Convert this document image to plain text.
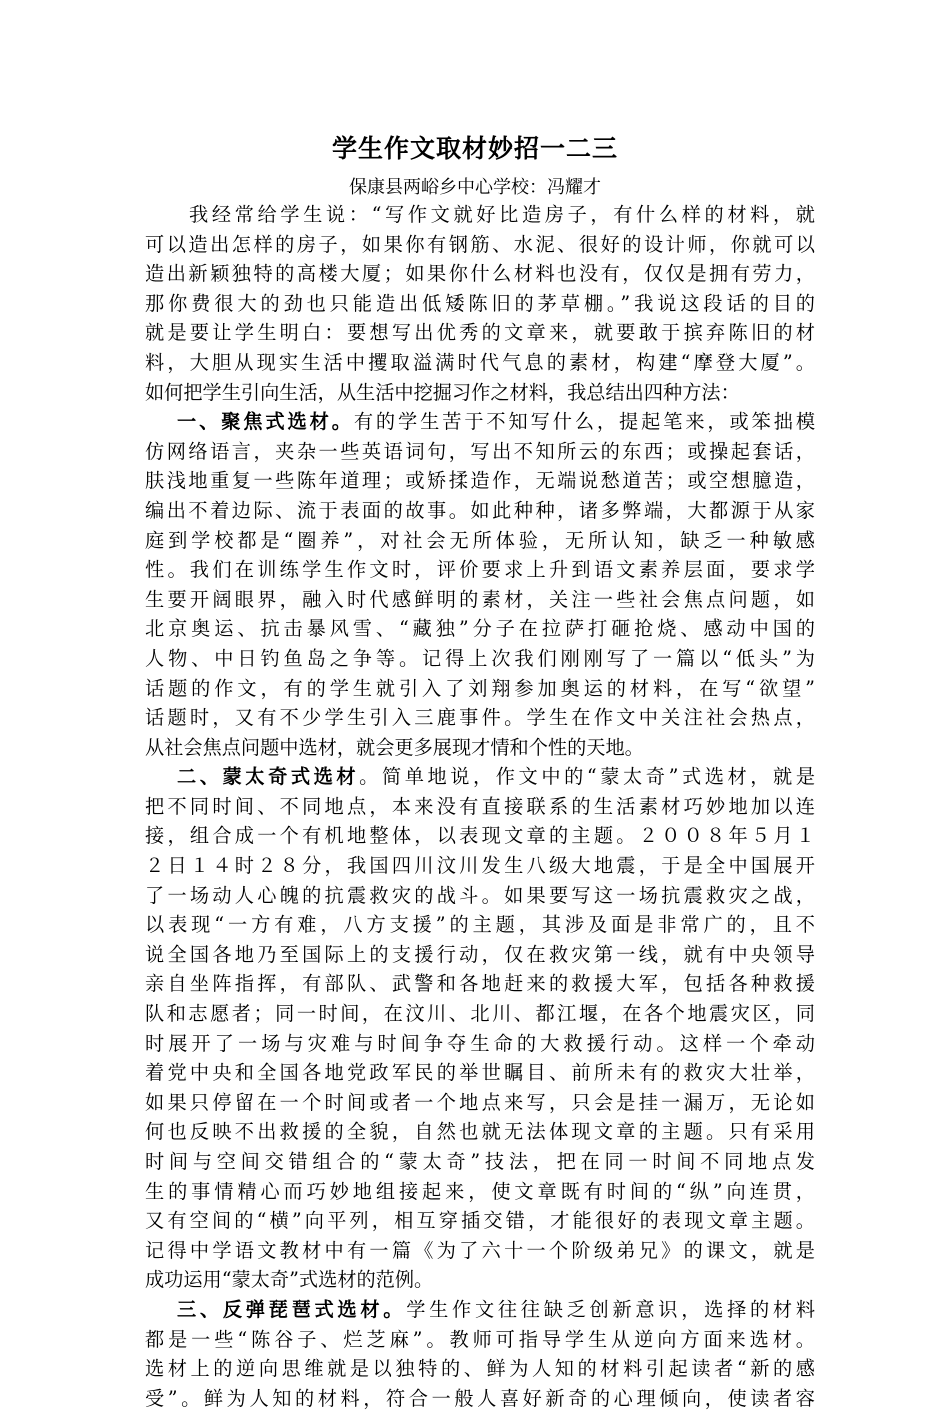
学生作文取材妙招一二三
保康县两峪乡中心学校：冯耀才
我经常给学生说：“写作文就好比造房子，有什么样的材料，就
可以造出怎样的房子，如果你有钢筋、水泥、很好的设计师，你就可以
造出新颖独特的高楼大厦；如果你什么材料也没有，仅仅是拥有劳力，
那你费很大的劲也只能造出低矮陈旧的茅草棚。”我说这段话的目的
就是要让学生明白：要想写出优秀的文章来，就要敢于摈弃陈旧的材
料，大胆从现实生活中攫取溢满时代气息的素材，构建“摩登大厦”。
如何把学生引向生活，从生活中挖掘习作之材料，我总结出四种方法：
一、聚焦式选材。有的学生苦于不知写什么，提起笔来，或笨拙模
仿网络语言，夹杂一些英语词句，写出不知所云的东西；或操起套话，
肤浅地重复一些陈年道理；或矫揉造作，无端说愁道苦；或空想臆造，
编出不着边际、流于表面的故事。如此种种，诸多弊端，大都源于从家
庭到学校都是“圈养”，对社会无所体验，无所认知，缺乏一种敏感
性。我们在训练学生作文时，评价要求上升到语文素养层面，要求学
生要开阔眼界，融入时代感鲜明的素材，关注一些社会焦点问题，如
北京奥运、抗击暴风雪、“藏独”分子在拉萨打砸抢烧、感动中国的
人物、中日钓鱼岛之争等。记得上次我们刚刚写了一篇以“低头”为
话题的作文，有的学生就引入了刘翔参加奥运的材料，在写“欲望”
话题时，又有不少学生引入三鹿事件。学生在作文中关注社会热点，
从社会焦点问题中选材，就会更多展现才情和个性的天地。
二、蒙太奇式选材。简单地说，作文中的“蒙太奇”式选材，就是
把不同时间、不同地点，本来没有直接联系的生活素材巧妙地加以连
接，组合成一个有机地整体，以表现文章的主题。２００８年５月１
２日１４时２８分，我国四川汶川发生八级大地震，于是全中国展开
了一场动人心魄的抗震救灾的战斗。如果要写这一场抗震救灾之战，
以表现“一方有难，八方支援”的主题，其涉及面是非常广的，且不
说全国各地乃至国际上的支援行动，仅在救灾第一线，就有中央领导
亲自坐阵指挥，有部队、武警和各地赶来的救援大军，包括各种救援
队和志愿者；同一时间，在汶川、北川、都江堰，在各个地震灾区，同
时展开了一场与灾难与时间争夺生命的大救援行动。这样一个牵动
着党中央和全国各地党政军民的举世瞩目、前所未有的救灾大壮举，
如果只停留在一个时间或者一个地点来写，只会是挂一漏万，无论如
何也反映不出救援的全貌，自然也就无法体现文章的主题。只有采用
时间与空间交错组合的“蒙太奇”技法，把在同一时间不同地点发
生的事情精心而巧妙地组接起来，使文章既有时间的“纵”向连贯，
又有空间的“横”向平列，相互穿插交错，才能很好的表现文章主题。
记得中学语文教材中有一篇《为了六十一个阶级弟兄》的课文，就是
成功运用“蒙太奇”式选材的范例。
三、反弹琵琶式选材。学生作文往往缺乏创新意识，选择的材料
都是一些“陈谷子、烂芝麻”。教师可指导学生从逆向方面来选材。
选材上的逆向思维就是以独特的、鲜为人知的材料引起读者“新的感
受”。鲜为人知的材料，符合一般人喜好新奇的心理倾向，使读者容
